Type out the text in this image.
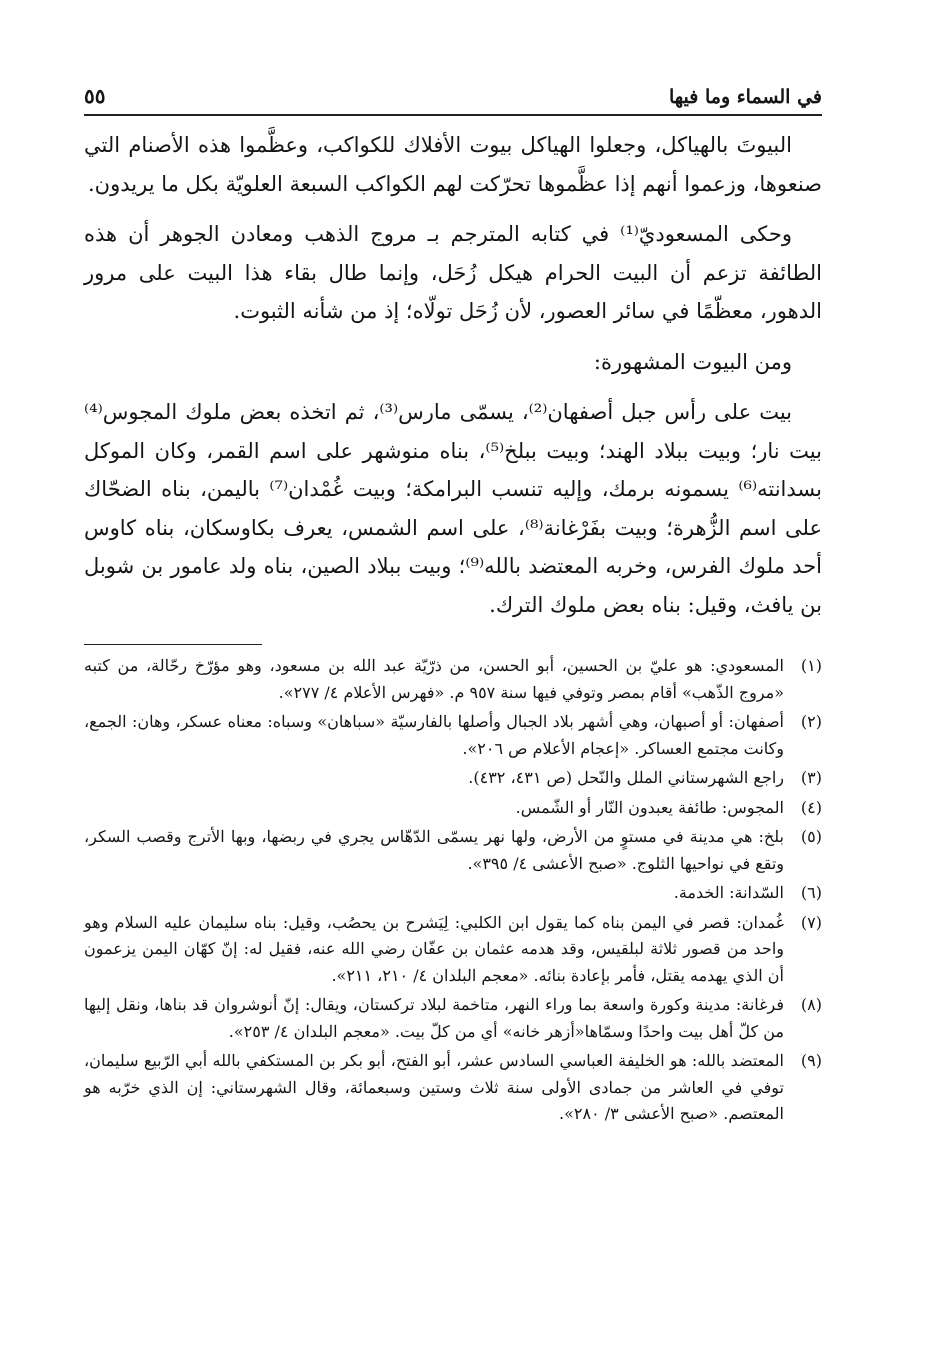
في السماء وما فيها
٥٥

البيوتَ بالهياكل، وجعلوا الهياكل بيوت الأفلاك للكواكب، وعظَّموا هذه الأصنام التي صنعوها، وزعموا أنهم إذا عظَّموها تحرّكت لهم الكواكب السبعة العلويّة بكل ما يريدون.

وحكى المسعوديّ⁽¹⁾ في كتابه المترجم بـ مروج الذهب ومعادن الجوهر أن هذه الطائفة تزعم أن البيت الحرام هيكل زُحَل، وإنما طال بقاء هذا البيت على مرور الدهور، معظّمًا في سائر العصور، لأن زُحَل تولّاه؛ إذ من شأنه الثبوت.

ومن البيوت المشهورة:

بيت على رأس جبل أصفهان⁽²⁾، يسمّى مارس⁽³⁾، ثم اتخذه بعض ملوك المجوس⁽⁴⁾ بيت نار؛ وبيت ببلاد الهند؛ وبيت ببلخ⁽⁵⁾، بناه منوشهر على اسم القمر، وكان الموكل بسدانته⁽⁶⁾ يسمونه برمك، وإليه تنسب البرامكة؛ وبيت غُمْدان⁽⁷⁾ باليمن، بناه الضحّاك على اسم الزُّهرة؛ وبيت بفَرْغانة⁽⁸⁾، على اسم الشمس، يعرف بكاوسكان، بناه كاوس أحد ملوك الفرس، وخربه المعتضد بالله⁽⁹⁾؛ وبيت ببلاد الصين، بناه ولد عامور بن شوبل بن يافث، وقيل: بناه بعض ملوك الترك.

(١)
المسعودي: هو عليّ بن الحسين، أبو الحسن، من ذرّيّة عبد الله بن مسعود، وهو مؤرّخ رحّالة، من كتبه «مروج الذّهب» أقام بمصر وتوفي فيها سنة ٩٥٧ م. «فهرس الأعلام ٤/ ٢٧٧».
(٢)
أصفهان: أو أصبهان، وهي أشهر بلاد الجبال وأصلها بالفارسيّة «سباهان» وسباه: معناه عسكر، وهان: الجمع، وكانت مجتمع العساكر. «إعجام الأعلام ص ٢٠٦».
(٣)
راجع الشهرستاني الملل والنّحل (ص ٤٣١، ٤٣٢).
(٤)
المجوس: طائفة يعبدون النّار أو الشّمس.
(٥)
بلخ: هي مدينة في مستوٍ من الأرض، ولها نهر يسمّى الدّهّاس يجري في ربضها، وبها الأترج وقصب السكر، وتقع في نواحيها الثلوج. «صبح الأعشى ٤/ ٣٩٥».
(٦)
السّدانة: الخدمة.
(٧)
غُمدان: قصر في اليمن بناه كما يقول ابن الكلبي: لِيَشرح بن يحصُب، وقيل: بناه سليمان عليه السلام وهو واحد من قصور ثلاثة لبلقيس، وقد هدمه عثمان بن عفّان رضي الله عنه، فقيل له: إنّ كهّان اليمن يزعمون أن الذي يهدمه يقتل، فأمر بإعادة بنائه. «معجم البلدان ٤/ ٢١٠، ٢١١».
(٨)
فرغانة: مدينة وكورة واسعة بما وراء النهر، متاخمة لبلاد تركستان، ويقال: إنّ أنوشروان قد بناها، ونقل إليها من كلّ أهل بيت واحدًا وسمّاها«أزهر خانه» أي من كلّ بيت. «معجم البلدان ٤/ ٢٥٣».
(٩)
المعتضد بالله: هو الخليفة العباسي السادس عشر، أبو الفتح، أبو بكر بن المستكفي بالله أبي الرّبيع سليمان، توفي في العاشر من جمادى الأولى سنة ثلاث وستين وسبعمائة، وقال الشهرستاني: إن الذي خرّبه هو المعتصم. «صبح الأعشى ٣/ ٢٨٠».
